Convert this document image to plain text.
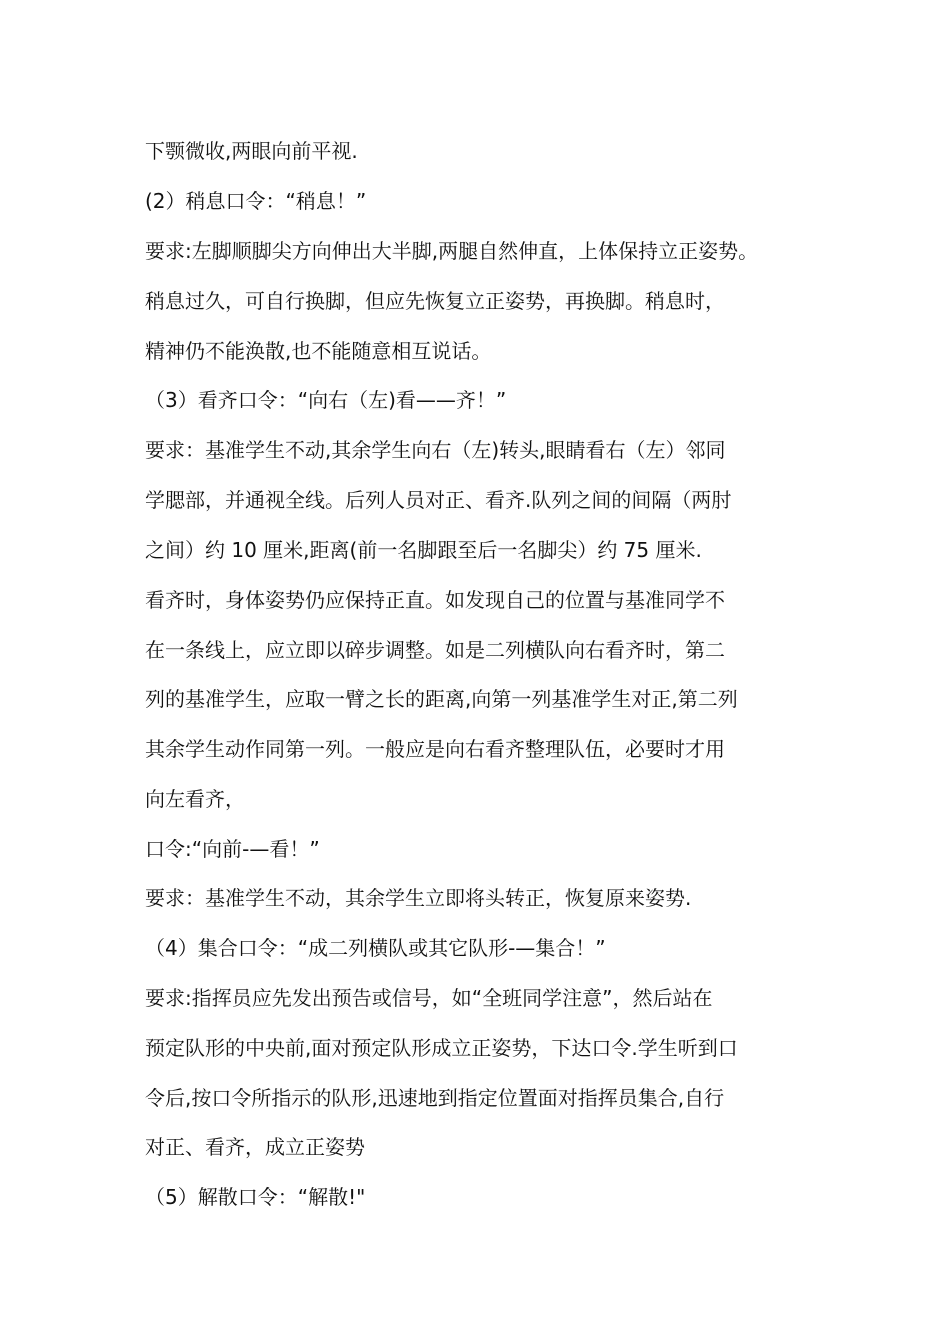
下颚微收,两眼向前平视.
(2）稍息口令：“稍息！”
要求:左脚顺脚尖方向伸出大半脚,两腿自然伸直，上体保持立正姿势。
稍息过久，可自行换脚，但应先恢复立正姿势，再换脚。稍息时，
精神仍不能涣散,也不能随意相互说话。
（3）看齐口令：“向右（左)看——齐！”
要求：基准学生不动,其余学生向右（左)转头,眼睛看右（左）邻同
学腮部，并通视全线。后列人员对正、看齐.队列之间的间隔（两肘
之间）约 10 厘米,距离(前一名脚跟至后一名脚尖）约 75 厘米.
看齐时，身体姿势仍应保持正直。如发现自己的位置与基准同学不
在一条线上，应立即以碎步调整。如是二列横队向右看齐时，第二
列的基准学生，应取一臂之长的距离,向第一列基准学生对正,第二列
其余学生动作同第一列。一般应是向右看齐整理队伍，必要时才用
向左看齐，
口令:“向前-—看！”
要求：基准学生不动，其余学生立即将头转正，恢复原来姿势.
（4）集合口令：“成二列横队或其它队形-—集合！”
要求:指挥员应先发出预告或信号，如“全班同学注意”，然后站在
预定队形的中央前,面对预定队形成立正姿势，下达口令.学生听到口
令后,按口令所指示的队形,迅速地到指定位置面对指挥员集合,自行
对正、看齐，成立正姿势
（5）解散口令：“解散!"
